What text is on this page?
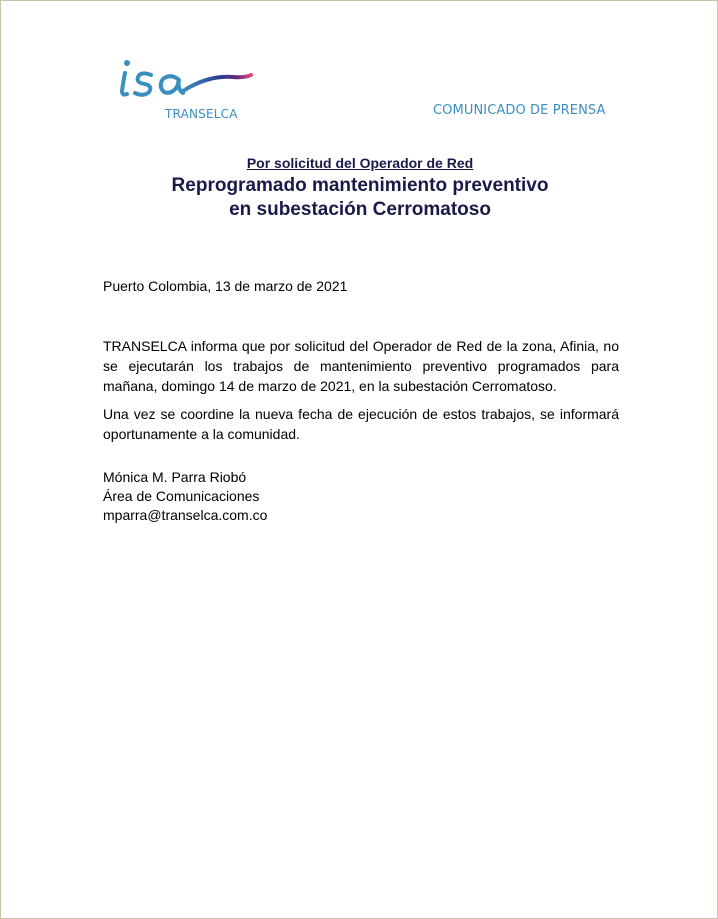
TRANSELCA	COMUNICADO DE PRENSA
Por solicitud del Operador de Red
Reprogramado mantenimiento preventivo
en subestación Cerromatoso
Puerto Colombia, 13 de marzo de 2021
TRANSELCA informa que por solicitud del Operador de Red de la zona, Afinia, no se ejecutarán los trabajos de mantenimiento preventivo programados para mañana, domingo 14 de marzo de 2021, en la subestación Cerromatoso.
Una vez se coordine la nueva fecha de ejecución de estos trabajos, se informará oportunamente a la comunidad.
Mónica M. Parra Riobó
Área de Comunicaciones
mparra@transelca.com.co
